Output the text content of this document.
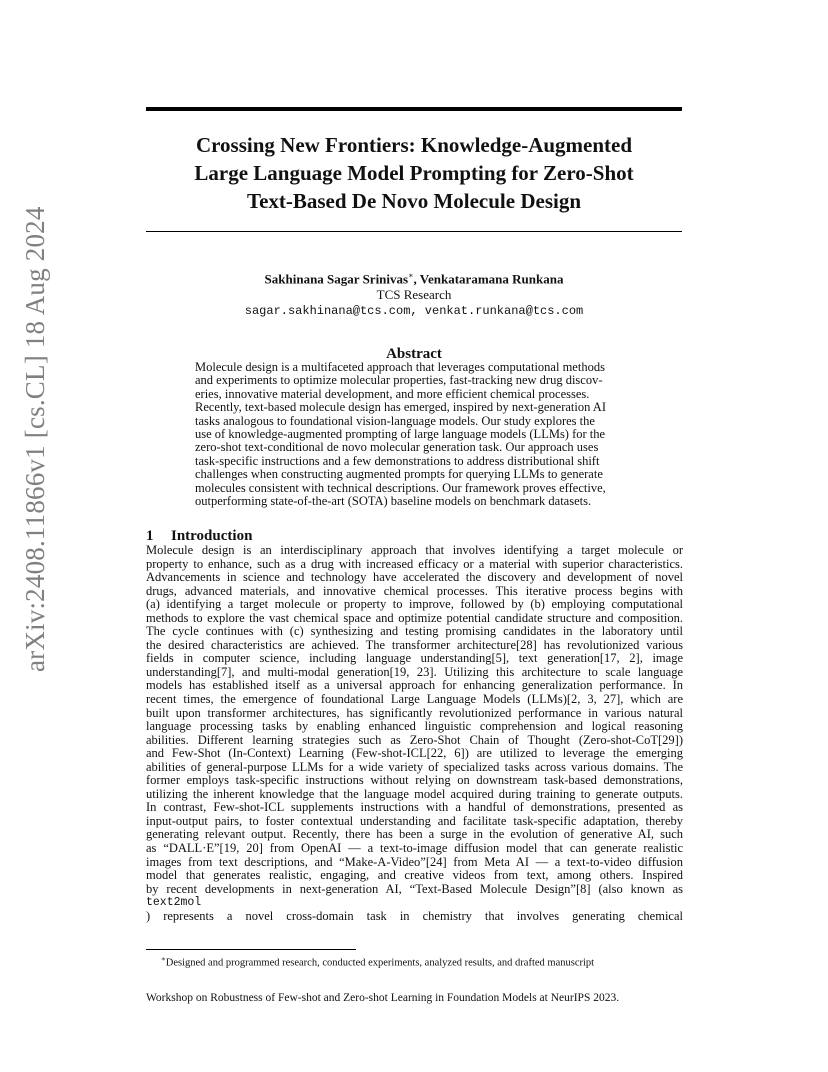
arXiv:2408.11866v1 [cs.CL] 18 Aug 2024
Crossing New Frontiers: Knowledge-Augmented
Large Language Model Prompting for Zero-Shot
Text-Based De Novo Molecule Design
Sakhinana Sagar Srinivas∗, Venkataramana Runkana
TCS Research
sagar.sakhinana@tcs.com, venkat.runkana@tcs.com
Abstract
Molecule design is a multifaceted approach that leverages computational methods
and experiments to optimize molecular properties, fast-tracking new drug discov-
eries, innovative material development, and more efficient chemical processes.
Recently, text-based molecule design has emerged, inspired by next-generation AI
tasks analogous to foundational vision-language models. Our study explores the
use of knowledge-augmented prompting of large language models (LLMs) for the
zero-shot text-conditional de novo molecular generation task. Our approach uses
task-specific instructions and a few demonstrations to address distributional shift
challenges when constructing augmented prompts for querying LLMs to generate
molecules consistent with technical descriptions. Our framework proves effective,
outperforming state-of-the-art (SOTA) baseline models on benchmark datasets.
1 Introduction
Molecule design is an interdisciplinary approach that involves identifying a target molecule or
property to enhance, such as a drug with increased efficacy or a material with superior characteristics.
Advancements in science and technology have accelerated the discovery and development of novel
drugs, advanced materials, and innovative chemical processes. This iterative process begins with
(a) identifying a target molecule or property to improve, followed by (b) employing computational
methods to explore the vast chemical space and optimize potential candidate structure and composition.
The cycle continues with (c) synthesizing and testing promising candidates in the laboratory until
the desired characteristics are achieved. The transformer architecture[28] has revolutionized various
fields in computer science, including language understanding[5], text generation[17, 2], image
understanding[7], and multi-modal generation[19, 23]. Utilizing this architecture to scale language
models has established itself as a universal approach for enhancing generalization performance. In
recent times, the emergence of foundational Large Language Models (LLMs)[2, 3, 27], which are
built upon transformer architectures, has significantly revolutionized performance in various natural
language processing tasks by enabling enhanced linguistic comprehension and logical reasoning
abilities. Different learning strategies such as Zero-Shot Chain of Thought (Zero-shot-CoT[29])
and Few-Shot (In-Context) Learning (Few-shot-ICL[22, 6]) are utilized to leverage the emerging
abilities of general-purpose LLMs for a wide variety of specialized tasks across various domains. The
former employs task-specific instructions without relying on downstream task-based demonstrations,
utilizing the inherent knowledge that the language model acquired during training to generate outputs.
In contrast, Few-shot-ICL supplements instructions with a handful of demonstrations, presented as
input-output pairs, to foster contextual understanding and facilitate task-specific adaptation, thereby
generating relevant output. Recently, there has been a surge in the evolution of generative AI, such
as “DALL·E”[19, 20] from OpenAI — a text-to-image diffusion model that can generate realistic
images from text descriptions, and “Make-A-Video”[24] from Meta AI — a text-to-video diffusion
model that generates realistic, engaging, and creative videos from text, among others. Inspired
by recent developments in next-generation AI, “Text-Based Molecule Design”[8] (also known as
text2mol
) represents a novel cross-domain task in chemistry that involves generating chemical
∗Designed and programmed research, conducted experiments, analyzed results, and drafted manuscript
Workshop on Robustness of Few-shot and Zero-shot Learning in Foundation Models at NeurIPS 2023.
